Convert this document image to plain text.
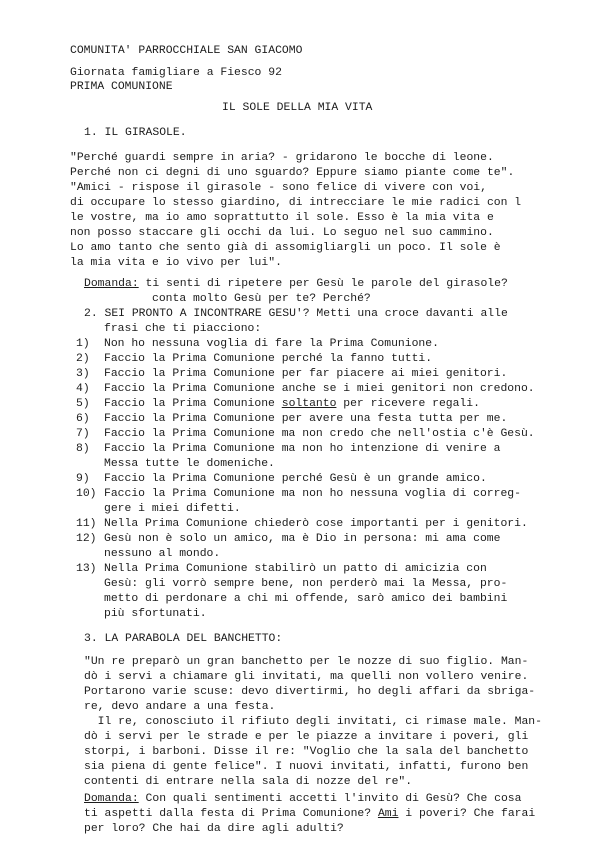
COMUNITA' PARROCCHIALE SAN GIACOMO
Giornata famigliare a Fiesco 92
PRIMA COMUNIONE
IL SOLE DELLA MIA VITA
1. IL GIRASOLE.
"Perché guardi sempre in aria? - gridarono le bocche di leone.
Perché non ci degni di uno sguardo? Eppure siamo piante come te".
"Amici - rispose il girasole - sono felice di vivere con voi,
di occupare lo stesso giardino, di intrecciare le mie radici con l
le vostre, ma io amo soprattutto il sole. Esso è la mia vita e
non posso staccare gli occhi da lui. Lo seguo nel suo cammino.
Lo amo tanto che sento già di assomigliargli un poco. Il sole è
la mia vita e io vivo per lui".
Domanda: ti senti di ripetere per Gesù le parole del girasole?
conta molto Gesù per te? Perché?
2. SEI PRONTO A INCONTRARE GESU'? Metti una croce davanti alle
frasi che ti piacciono:
1) Non ho nessuna voglia di fare la Prima Comunione.
2) Faccio la Prima Comunione perché la fanno tutti.
3) Faccio la Prima Comunione per far piacere ai miei genitori.
4) Faccio la Prima Comunione anche se i miei genitori non credono.
5) Faccio la Prima Comunione soltanto per ricevere regali.
6) Faccio la Prima Comunione per avere una festa tutta per me.
7) Faccio la Prima Comunione ma non credo che nell'ostia c'è Gesù.
8) Faccio la Prima Comunione ma non ho intenzione di venire a
Messa tutte le domeniche.
9) Faccio la Prima Comunione perché Gesù è un grande amico.
10) Faccio la Prima Comunione ma non ho nessuna voglia di correg-
gere i miei difetti.
11) Nella Prima Comunione chiederò cose importanti per i genitori.
12) Gesù non è solo un amico, ma è Dio in persona: mi ama come
nessuno al mondo.
13) Nella Prima Comunione stabilirò un patto di amicizia con
Gesù: gli vorrò sempre bene, non perderò mai la Messa, pro-
metto di perdonare a chi mi offende, sarò amico dei bambini
più sfortunati.
3. LA PARABOLA DEL BANCHETTO:
"Un re preparò un gran banchetto per le nozze di suo figlio. Man-
dò i servi a chiamare gli invitati, ma quelli non vollero venire.
Portarono varie scuse: devo divertirmi, ho degli affari da sbriga-
re, devo andare a una festa.
Il re, conosciuto il rifiuto degli invitati, ci rimase male. Man-
dò i servi per le strade e per le piazze a invitare i poveri, gli
storpi, i barboni. Disse il re: "Voglio che la sala del banchetto
sia piena di gente felice". I nuovi invitati, infatti, furono ben
contenti di entrare nella sala di nozze del re".
Domanda: Con quali sentimenti accetti l'invito di Gesù? Che cosa
ti aspetti dalla festa di Prima Comunione? Ami i poveri? Che farai
per loro? Che hai da dire agli adulti?
